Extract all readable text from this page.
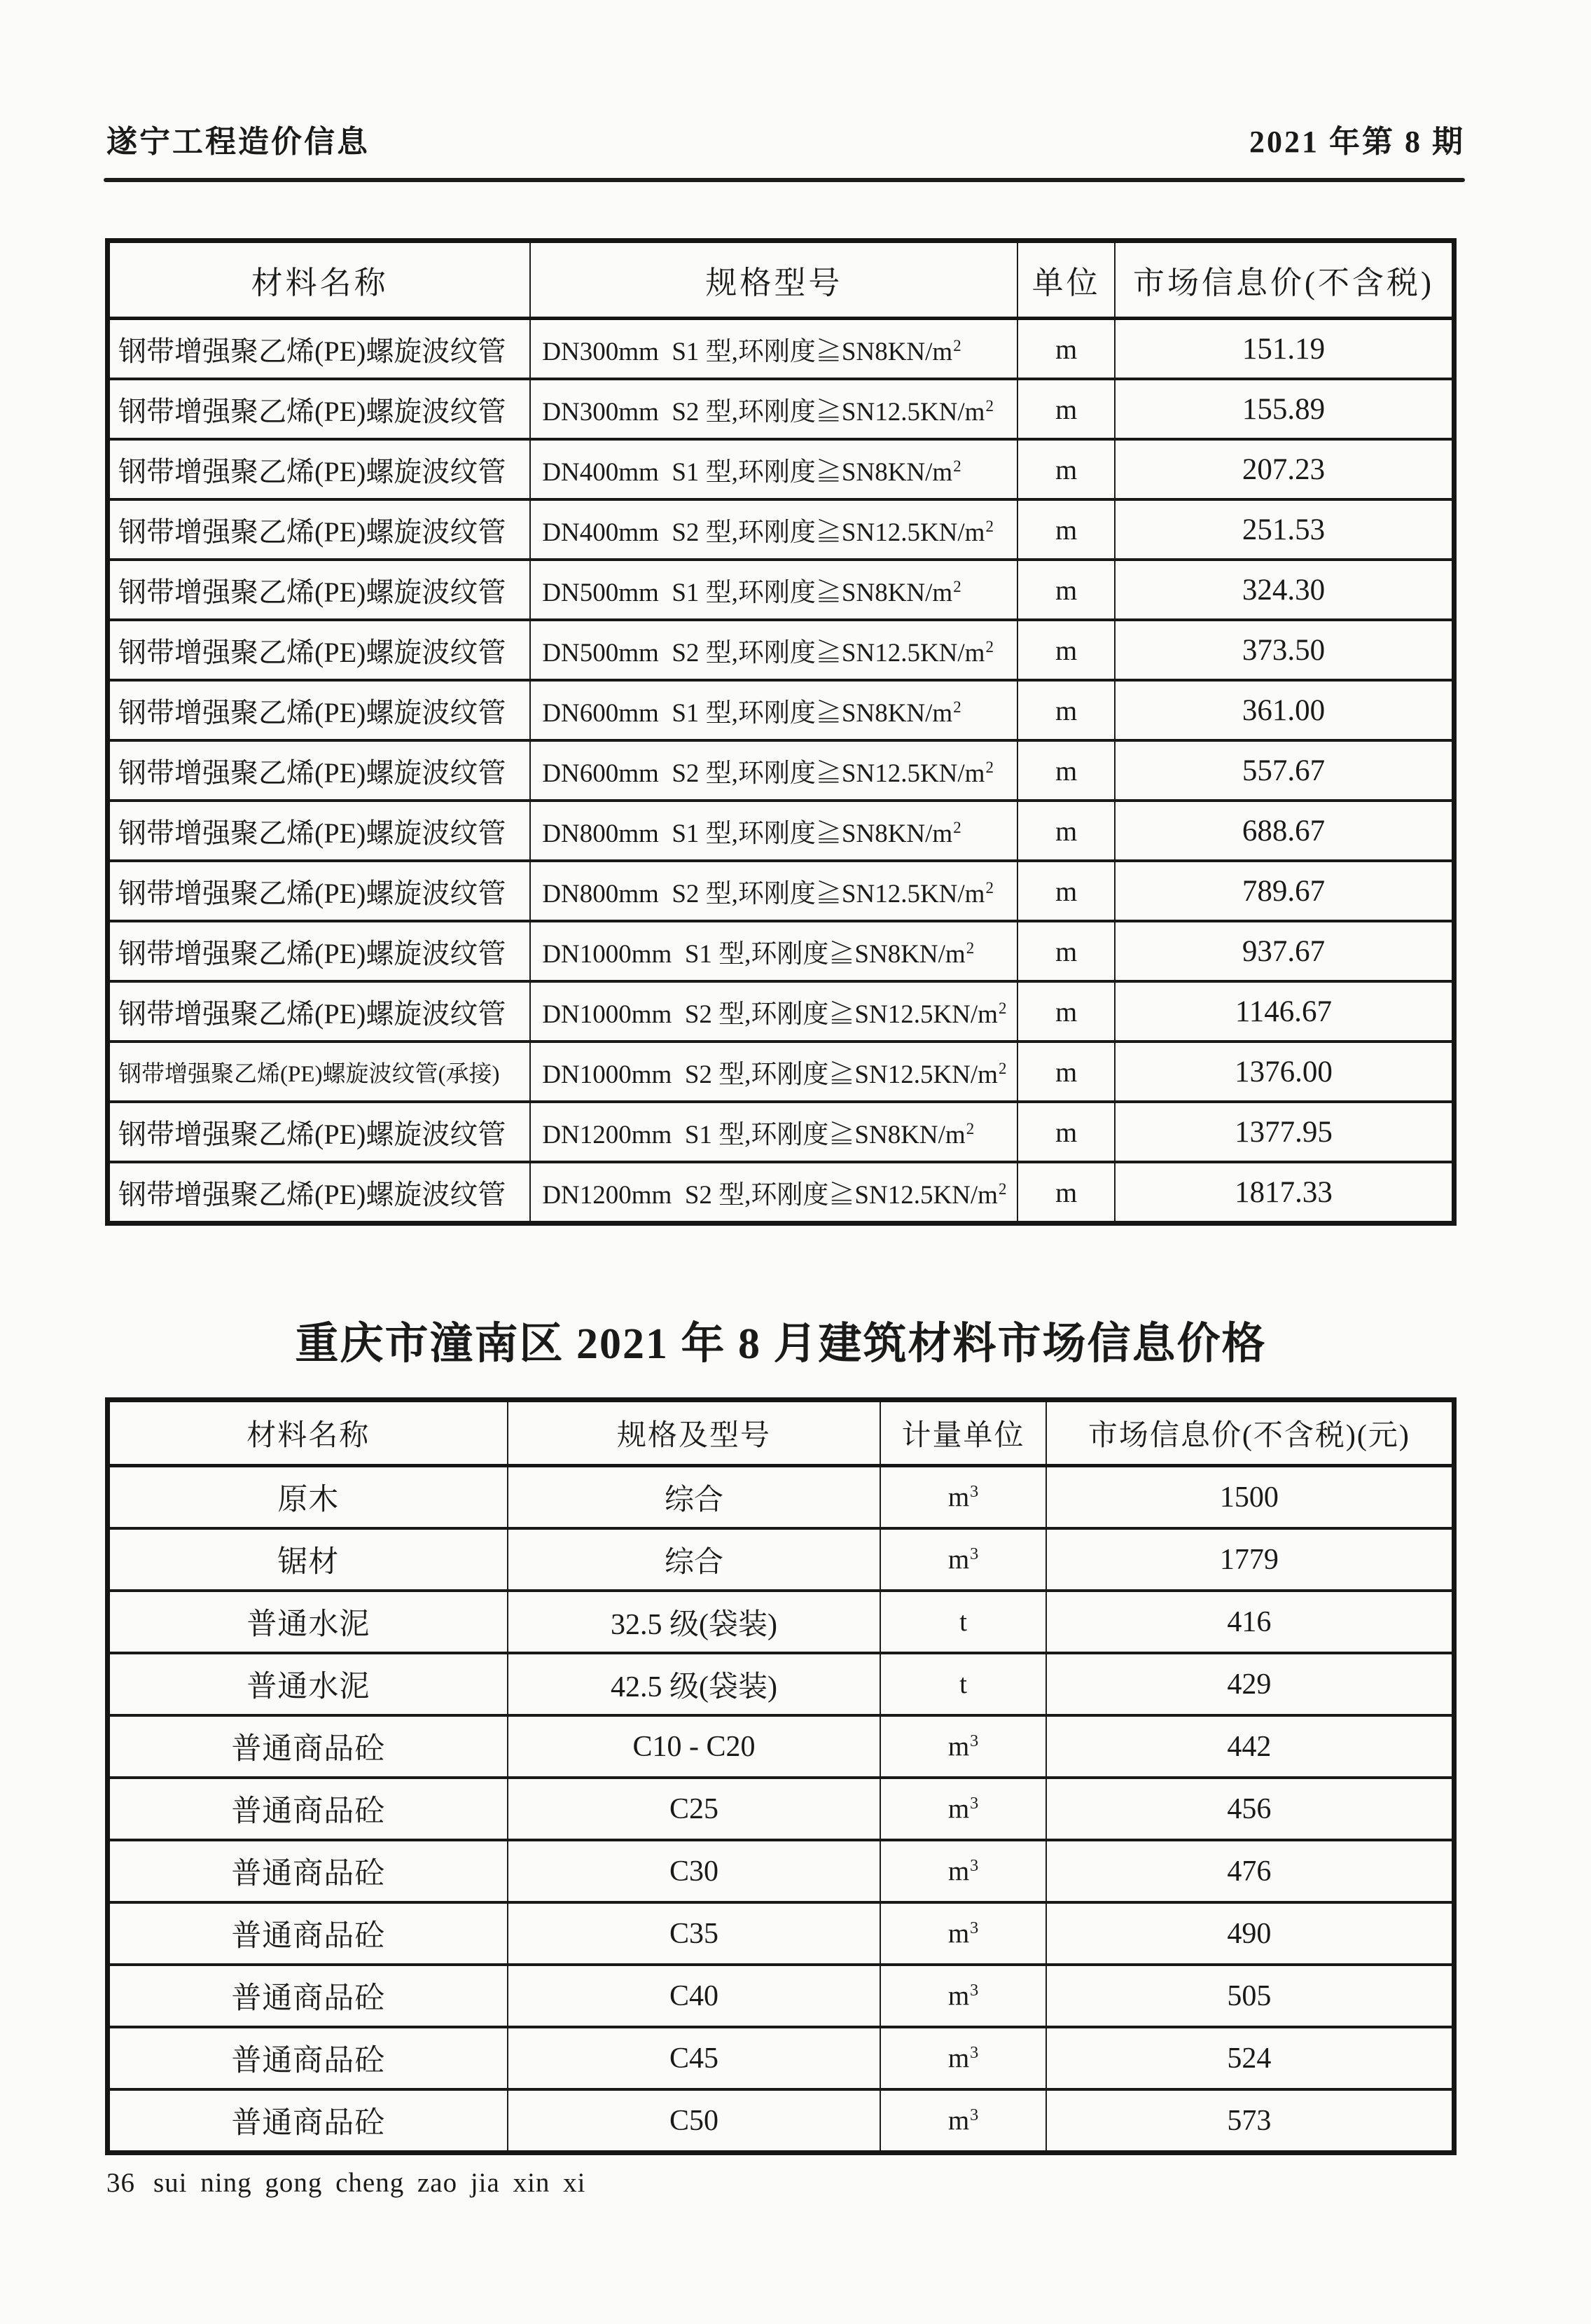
遂宁工程造价信息	2021 年第 8 期
材料名称	规格型号	单位	市场信息价(不含税)
钢带增强聚乙烯(PE)螺旋波纹管	DN300mm  S1 型,环刚度$≧SN8KN/m^2$	m	151.19
钢带增强聚乙烯(PE)螺旋波纹管	DN300mm  S2 型,环刚度$≧SN12.5KN/m^2$	m	155.89
钢带增强聚乙烯(PE)螺旋波纹管	DN400mm  S1 型,环刚度$≧SN8KN/m^2$	m	207.23
钢带增强聚乙烯(PE)螺旋波纹管	DN400mm  S2 型,环刚度$≧SN12.5KN/m^2$	m	251.53
钢带增强聚乙烯(PE)螺旋波纹管	DN500mm  S1 型,环刚度$≧SN8KN/m^2$	m	324.30
钢带增强聚乙烯(PE)螺旋波纹管	DN500mm  S2 型,环刚度$≧SN12.5KN/m^2$	m	373.50
钢带增强聚乙烯(PE)螺旋波纹管	DN600mm  S1 型,环刚度$≧SN8KN/m^2$	m	361.00
钢带增强聚乙烯(PE)螺旋波纹管	DN600mm  S2 型,环刚度$≧SN12.5KN/m^2$	m	557.67
钢带增强聚乙烯(PE)螺旋波纹管	DN800mm  S1 型,环刚度$≧SN8KN/m^2$	m	688.67
钢带增强聚乙烯(PE)螺旋波纹管	DN800mm  S2 型,环刚度$≧SN12.5KN/m^2$	m	789.67
钢带增强聚乙烯(PE)螺旋波纹管	DN1000mm  S1 型,环刚度$≧SN8KN/m^2$	m	937.67
钢带增强聚乙烯(PE)螺旋波纹管	DN1000mm  S2 型,环刚度$≧SN12.5KN/m^2$	m	1146.67
钢带增强聚乙烯(PE)螺旋波纹管(承接)	DN1000mm  S2 型,环刚度$≧SN12.5KN/m^2$	m	1376.00
钢带增强聚乙烯(PE)螺旋波纹管	DN1200mm  S1 型,环刚度$≧SN8KN/m^2$	m	1377.95
钢带增强聚乙烯(PE)螺旋波纹管	DN1200mm  S2 型,环刚度$≧SN12.5KN/m^2$	m	1817.33
重庆市潼南区 2021 年 8 月建筑材料市场信息价格
材料名称	规格及型号	计量单位	市场信息价(不含税)(元)
原木	综合	$m^3$	1500
锯材	综合	$m^3$	1779
普通水泥	32.5 级(袋装)	t	416
普通水泥	42.5 级(袋装)	t	429
普通商品砼	C10 - C20	$m^3$	442
普通商品砼	C25	$m^3$	456
普通商品砼	C30	$m^3$	476
普通商品砼	C35	$m^3$	490
普通商品砼	C40	$m^3$	505
普通商品砼	C45	$m^3$	524
普通商品砼	C50	$m^3$	573
36 sui ning gong cheng zao jia xin xi
